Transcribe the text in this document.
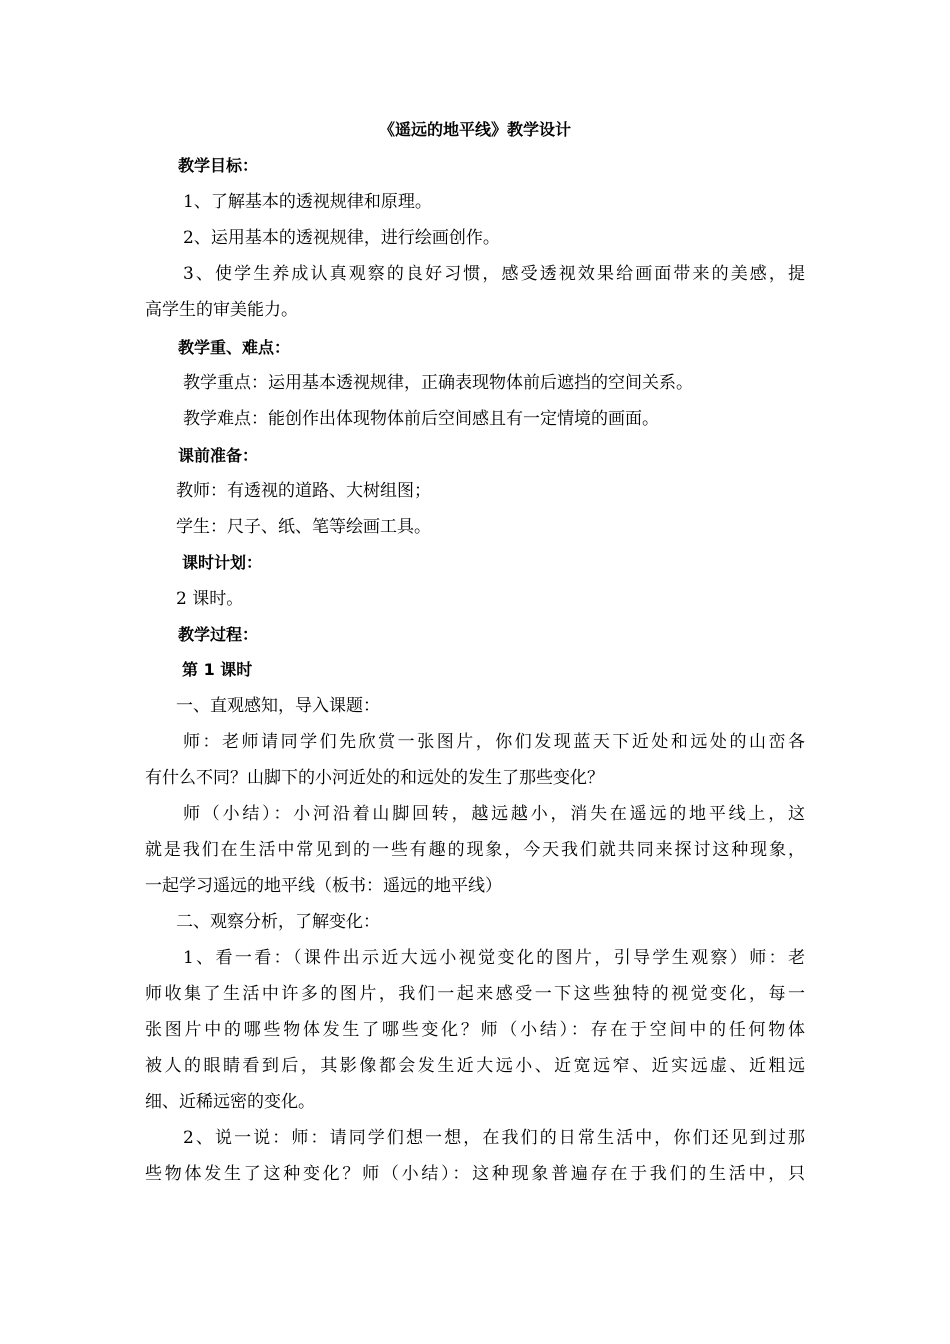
《遥远的地平线》教学设计
教学目标：
1、了解基本的透视规律和原理。
2、运用基本的透视规律，进行绘画创作。
3、使学生养成认真观察的良好习惯，感受透视效果给画面带来的美感，提
高学生的审美能力。
教学重、难点：
教学重点：运用基本透视规律，正确表现物体前后遮挡的空间关系。
教学难点：能创作出体现物体前后空间感且有一定情境的画面。
课前准备：
教师：有透视的道路、大树组图；
学生：尺子、纸、笔等绘画工具。
课时计划：
2 课时。
教学过程：
第 1 课时
一、直观感知，导入课题：
师：老师请同学们先欣赏一张图片，你们发现蓝天下近处和远处的山峦各
有什么不同？山脚下的小河近处的和远处的发生了那些变化？
师（小结）：小河沿着山脚回转，越远越小，消失在遥远的地平线上，这
就是我们在生活中常见到的一些有趣的现象，今天我们就共同来探讨这种现象，
一起学习遥远的地平线（板书：遥远的地平线）
二、观察分析，了解变化：
1、看一看：（课件出示近大远小视觉变化的图片，引导学生观察）师：老
师收集了生活中许多的图片，我们一起来感受一下这些独特的视觉变化，每一
张图片中的哪些物体发生了哪些变化？师（小结）：存在于空间中的任何物体
被人的眼睛看到后，其影像都会发生近大远小、近宽远窄、近实远虚、近粗远
细、近稀远密的变化。
2、说一说：师：请同学们想一想，在我们的日常生活中，你们还见到过那
些物体发生了这种变化？师（小结）：这种现象普遍存在于我们的生活中，只
